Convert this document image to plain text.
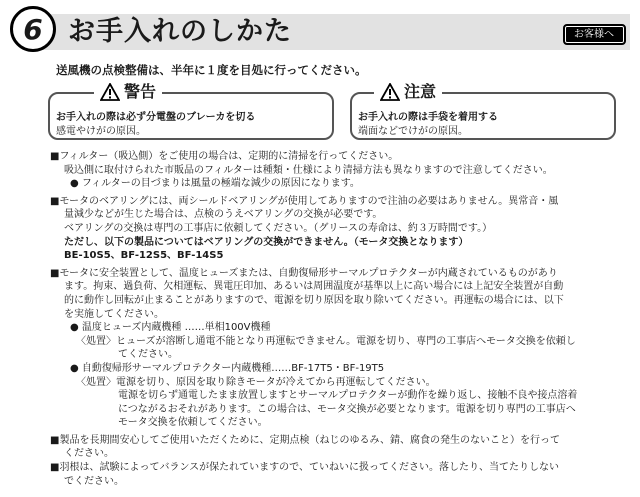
6 お手入れのしかた	お客様へ
送風機の点検整備は、半年に１度を目処に行ってください。
警告
お手入れの際は必ず分電盤のブレーカを切る
感電やけがの原因。
注意
お手入れの際は手袋を着用する
端面などでけがの原因。
■フィルター（吸込側）をご使用の場合は、定期的に清掃を行ってください。
吸込側に取付けられた市販品のフィルターは種類・仕様により清掃方法も異なりますので注意してください。
● フィルターの目づまりは風量の極端な減少の原因になります。
■モータのベアリングには、両シールドベアリングが使用してありますので注油の必要はありません。異常音・風
量減少などが生じた場合は、点検のうえベアリングの交換が必要です。
ベアリングの交換は専門の工事店に依頼してください。（グリースの寿命は、約３万時間です。）
ただし、以下の製品についてはベアリングの交換ができません。（モータ交換となります）
BE-10S5、BF-12S5、BF-14S5
■モータに安全装置として、温度ヒューズまたは、自動復帰形サーマルプロテクターが内蔵されているものがあり
ます。拘束、過負荷、欠相運転、異電圧印加、あるいは周囲温度が基準以上に高い場合には上記安全装置が自動
的に動作し回転が止まることがありますので、電源を切り原因を取り除いてください。再運転の場合には、以下
を実施してください。
● 温度ヒューズ内蔵機種 ……単相100V機種
〈処置〉ヒューズが溶断し通電不能となり再運転できません。電源を切り、専門の工事店へモータ交換を依頼し
てください。
● 自動復帰形サーマルプロテクター内蔵機種……BF-17T5・BF-19T5
〈処置〉電源を切り、原因を取り除きモータが冷えてから再運転してください。
電源を切らず通電したまま放置しますとサーマルプロテクターが動作を繰り返し、接触不良や接点溶着
につながるおそれがあります。この場合は、モータ交換が必要となります。電源を切り専門の工事店へ
モータ交換を依頼してください。
■製品を長期間安心してご使用いただくために、定期点検（ねじのゆるみ、錆、腐食の発生のないこと）を行って
ください。
■羽根は、試験によってバランスが保たれていますので、ていねいに扱ってください。落したり、当てたりしない
でください。
